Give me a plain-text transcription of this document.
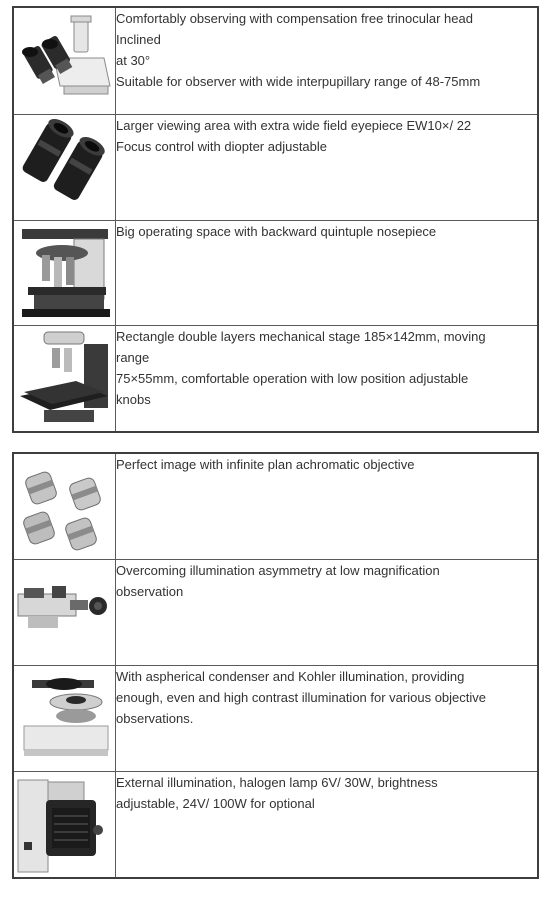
Comfortably observing with compensation free trinocular head
Inclined
at 30°
Suitable for observer with wide interpupillary range of 48-75mm

Larger viewing area with extra wide field eyepiece EW10×/ 22
Focus control with diopter adjustable

Big operating space with backward quintuple nosepiece

Rectangle double layers mechanical stage 185×142mm, moving
range
75×55mm, comfortable operation with low position adjustable
knobs

Perfect image with infinite plan achromatic objective

Overcoming illumination asymmetry at low magnification
observation

With aspherical condenser and Kohler illumination, providing
enough, even and high contrast illumination for various objective
observations.

External illumination, halogen lamp 6V/ 30W, brightness
adjustable, 24V/ 100W for optional
